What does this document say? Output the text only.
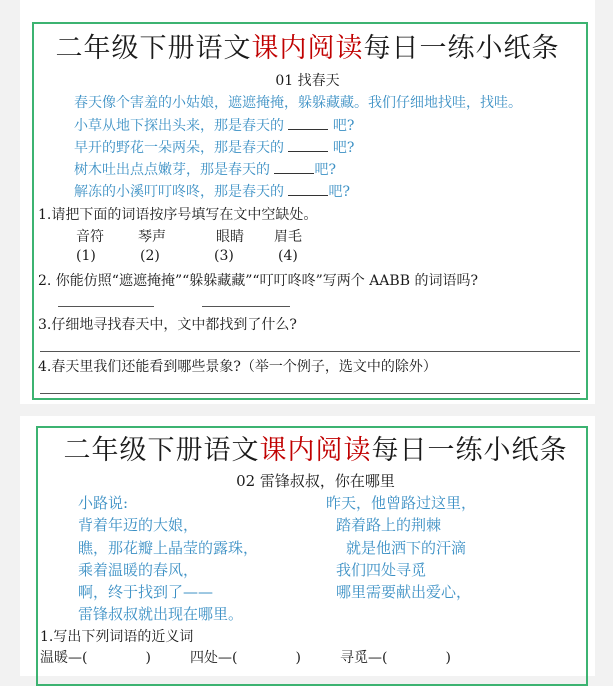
二年级下册语文课内阅读每日一练小纸条
01 找春天
春天像个害羞的小姑娘，遮遮掩掩，躲躲藏藏。我们仔细地找哇，找哇。
小草从地下探出头来，那是春天的	吧?
早开的野花一朵两朵，那是春天的	吧?
树木吐出点点嫩芽，那是春天的	吧?
解冻的小溪叮叮咚咚，那是春天的	吧?
1.请把下面的词语按序号填写在文中空缺处。
音符 琴声	眼睛 眉毛
(1)	(2)	(3)	(4)
2. 你能仿照“遮遮掩掩”“躲躲藏藏”“叮叮咚咚”写两个 AABB 的词语吗?
3.仔细地寻找春天中，文中都找到了什么?
4.春天里我们还能看到哪些景象?（举一个例子，选文中的除外）
二年级下册语文课内阅读每日一练小纸条
02 雷锋叔叔，你在哪里
小路说:
背着年迈的大娘，
瞧，那花瓣上晶莹的露珠，
乘着温暖的春风，
啊，终于找到了——
雷锋叔叔就出现在哪里。
昨天，他曾路过这里，
踏着路上的荆棘
就是他洒下的汗滴
我们四处寻觅
哪里需要献出爱心，
1.写出下列词语的近义词
温暖—(	)	四处—(	)	寻觅—(	)
